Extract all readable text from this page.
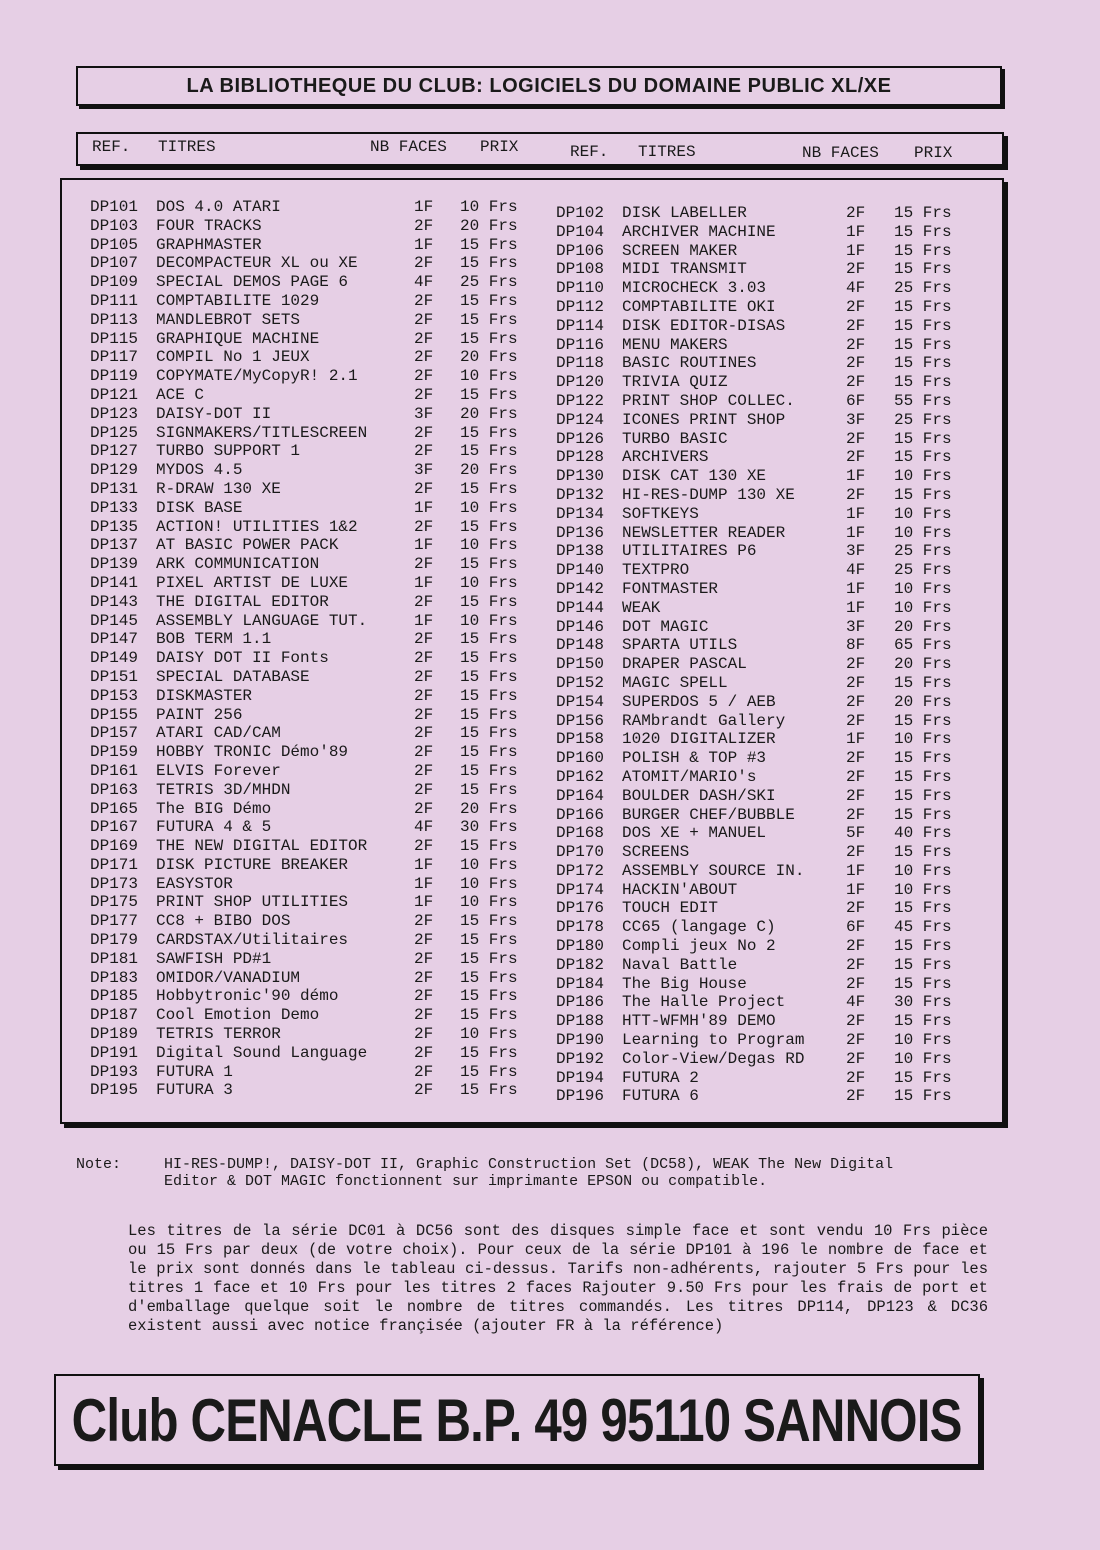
LA BIBLIOTHEQUE DU CLUB: LOGICIELS DU DOMAINE PUBLIC XL/XE
REF. TITRES	NB FACES PRIX	REF. TITRES	NB FACES PRIX
DP101 DOS 4.0 ATARI	1F 10 Frs
DP103 FOUR TRACKS	2F 20 Frs
DP105 GRAPHMASTER	1F 15 Frs
DP107 DECOMPACTEUR XL ou XE	2F 15 Frs
DP109 SPECIAL DEMOS PAGE 6	4F 25 Frs
DP111 COMPTABILITE 1029	2F 15 Frs
DP113 MANDLEBROT SETS	2F 15 Frs
DP115 GRAPHIQUE MACHINE	2F 15 Frs
DP117 COMPIL No 1 JEUX	2F 20 Frs
DP119 COPYMATE/MyCopyR! 2.1	2F 10 Frs
DP121 ACE C	2F 15 Frs
DP123 DAISY-DOT II	3F 20 Frs
DP125 SIGNMAKERS/TITLESCREEN	2F 15 Frs
DP127 TURBO SUPPORT 1	2F 15 Frs
DP129 MYDOS 4.5	3F 20 Frs
DP131 R-DRAW 130 XE	2F 15 Frs
DP133 DISK BASE	1F 10 Frs
DP135 ACTION! UTILITIES 1&2	2F 15 Frs
DP137 AT BASIC POWER PACK	1F 10 Frs
DP139 ARK COMMUNICATION	2F 15 Frs
DP141 PIXEL ARTIST DE LUXE	1F 10 Frs
DP143 THE DIGITAL EDITOR	2F 15 Frs
DP145 ASSEMBLY LANGUAGE TUT.	1F 10 Frs
DP147 BOB TERM 1.1	2F 15 Frs
DP149 DAISY DOT II Fonts	2F 15 Frs
DP151 SPECIAL DATABASE	2F 15 Frs
DP153 DISKMASTER	2F 15 Frs
DP155 PAINT 256	2F 15 Frs
DP157 ATARI CAD/CAM	2F 15 Frs
DP159 HOBBY TRONIC Démo'89	2F 15 Frs
DP161 ELVIS Forever	2F 15 Frs
DP163 TETRIS 3D/MHDN	2F 15 Frs
DP165 The BIG Démo	2F 20 Frs
DP167 FUTURA 4 & 5	4F 30 Frs
DP169 THE NEW DIGITAL EDITOR	2F 15 Frs
DP171 DISK PICTURE BREAKER	1F 10 Frs
DP173 EASYSTOR	1F 10 Frs
DP175 PRINT SHOP UTILITIES	1F 10 Frs
DP177 CC8 + BIBO DOS	2F 15 Frs
DP179 CARDSTAX/Utilitaires	2F 15 Frs
DP181 SAWFISH PD#1	2F 15 Frs
DP183 OMIDOR/VANADIUM	2F 15 Frs
DP185 Hobbytronic'90 démo	2F 15 Frs
DP187 Cool Emotion Demo	2F 15 Frs
DP189 TETRIS TERROR	2F 10 Frs
DP191 Digital Sound Language	2F 15 Frs
DP193 FUTURA 1	2F 15 Frs
DP195 FUTURA 3	2F 15 Frs
DP102 DISK LABELLER	2F 15 Frs
DP104 ARCHIVER MACHINE	1F 15 Frs
DP106 SCREEN MAKER	1F 15 Frs
DP108 MIDI TRANSMIT	2F 15 Frs
DP110 MICROCHECK 3.03	4F 25 Frs
DP112 COMPTABILITE OKI	2F 15 Frs
DP114 DISK EDITOR-DISAS	2F 15 Frs
DP116 MENU MAKERS	2F 15 Frs
DP118 BASIC ROUTINES	2F 15 Frs
DP120 TRIVIA QUIZ	2F 15 Frs
DP122 PRINT SHOP COLLEC.	6F 55 Frs
DP124 ICONES PRINT SHOP	3F 25 Frs
DP126 TURBO BASIC	2F 15 Frs
DP128 ARCHIVERS	2F 15 Frs
DP130 DISK CAT 130 XE	1F 10 Frs
DP132 HI-RES-DUMP 130 XE	2F 15 Frs
DP134 SOFTKEYS	1F 10 Frs
DP136 NEWSLETTER READER	1F 10 Frs
DP138 UTILITAIRES P6	3F 25 Frs
DP140 TEXTPRO	4F 25 Frs
DP142 FONTMASTER	1F 10 Frs
DP144 WEAK	1F 10 Frs
DP146 DOT MAGIC	3F 20 Frs
DP148 SPARTA UTILS	8F 65 Frs
DP150 DRAPER PASCAL	2F 20 Frs
DP152 MAGIC SPELL	2F 15 Frs
DP154 SUPERDOS 5 / AEB	2F 20 Frs
DP156 RAMbrandt Gallery	2F 15 Frs
DP158 1020 DIGITALIZER	1F 10 Frs
DP160 POLISH & TOP #3	2F 15 Frs
DP162 ATOMIT/MARIO's	2F 15 Frs
DP164 BOULDER DASH/SKI	2F 15 Frs
DP166 BURGER CHEF/BUBBLE	2F 15 Frs
DP168 DOS XE + MANUEL	5F 40 Frs
DP170 SCREENS	2F 15 Frs
DP172 ASSEMBLY SOURCE IN.	1F 10 Frs
DP174 HACKIN'ABOUT	1F 10 Frs
DP176 TOUCH EDIT	2F 15 Frs
DP178 CC65 (langage C)	6F 45 Frs
DP180 Compli jeux No 2	2F 15 Frs
DP182 Naval Battle	2F 15 Frs
DP184 The Big House	2F 15 Frs
DP186 The Halle Project	4F 30 Frs
DP188 HTT-WFMH'89 DEMO	2F 15 Frs
DP190 Learning to Program	2F 10 Frs
DP192 Color-View/Degas RD	2F 10 Frs
DP194 FUTURA 2	2F 15 Frs
DP196 FUTURA 6	2F 15 Frs
Note:	HI-RES-DUMP!, DAISY-DOT II, Graphic Construction Set (DC58), WEAK The New Digital Editor & DOT MAGIC fonctionnent sur imprimante EPSON ou compatible.
Les titres de la série DC01 à DC56 sont des disques simple face et sont vendu 10 Frs pièce ou 15 Frs par deux (de votre choix). Pour ceux de la série DP101 à 196 le nombre de face et le prix sont donnés dans le tableau ci-dessus. Tarifs non-adhérents, rajouter 5 Frs pour les titres 1 face et 10 Frs pour les titres 2 faces Rajouter 9.50 Frs pour les frais de port et d'emballage quelque soit le nombre de titres commandés. Les titres DP114, DP123 & DC36 existent aussi avec notice françisée (ajouter FR à la référence)
Club CENACLE B.P. 49 95110 SANNOIS
